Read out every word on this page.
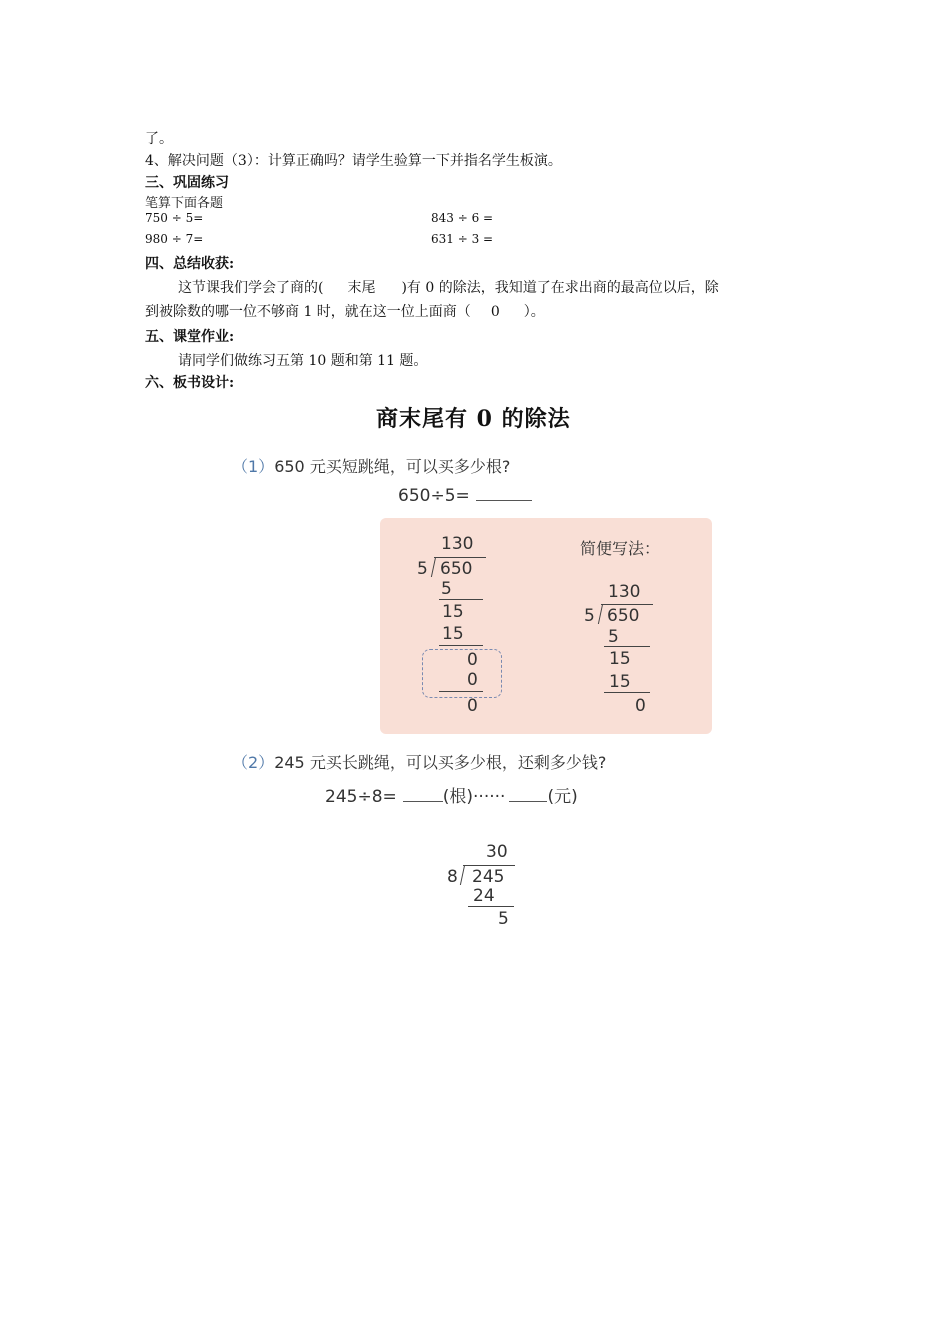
了。
4、解决问题（3）：计算正确吗？请学生验算一下并指名学生板演。
三、巩固练习
笔算下面各题
750 ÷ 5=	843 ÷ 6 =
980 ÷ 7=	631 ÷ 3 =
四、总结收获:
这节课我们学会了商的( 末尾 )有 0 的除法，我知道了在求出商的最高位以后，除
到被除数的哪一位不够商 1 时，就在这一位上面商（ 0 ）。
五、课堂作业:
请同学们做练习五第 10 题和第 11 题。
六、板书设计:
商末尾有 0 的除法
（1）650 元买短跳绳，可以买多少根?
650÷5=
130
5 650
5
15
15
0
0
0
简便写法：
130
5 650
5
15
15
0
（2）245 元买长跳绳，可以买多少根，还剩多少钱?
245÷8=	(根)······ (元)
30
8 245
24
5
